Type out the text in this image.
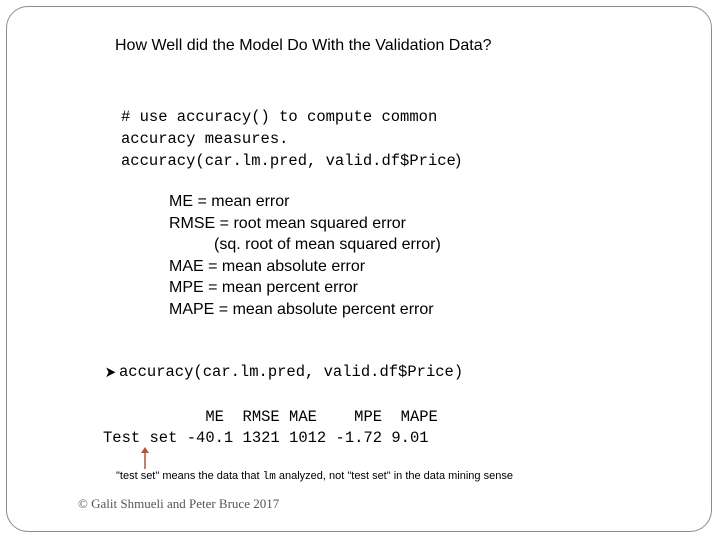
How Well did the Model Do With the Validation Data?
# use accuracy() to compute common
accuracy measures.
accuracy(car.lm.pred, valid.df$Price)
ME = mean error
RMSE = root mean squared error
(sq. root of mean squared error)
MAE = mean absolute error
MPE = mean percent error
MAPE = mean absolute percent error
➤ accuracy(car.lm.pred, valid.df$Price)
ME  RMSE MAE    MPE  MAPE
Test set -40.1 1321 1012 -1.72 9.01
"test set" means the data that lm analyzed, not "test set" in the data mining sense
© Galit Shmueli and Peter Bruce 2017
